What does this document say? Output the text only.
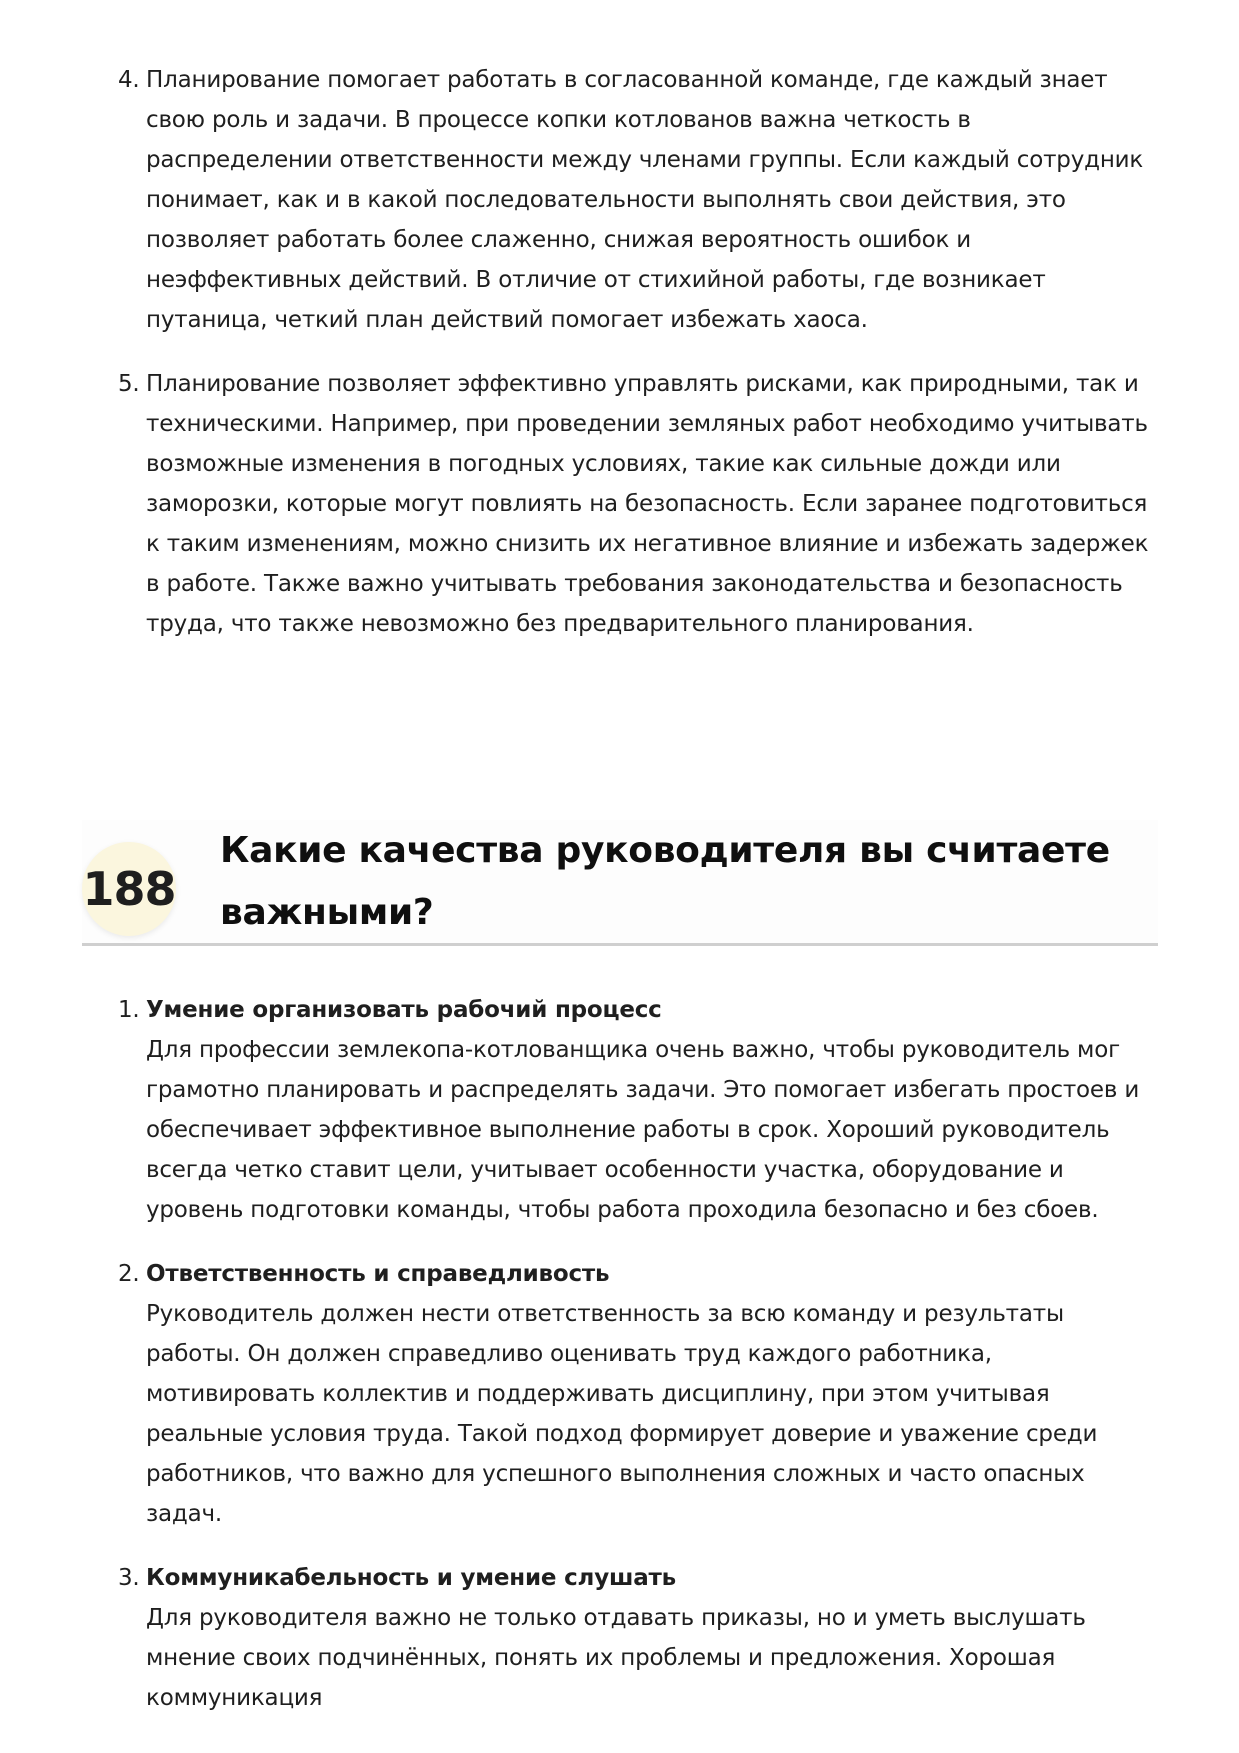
4. Планирование помогает работать в согласованной команде, где каждый знает свою роль и задачи. В процессе копки котлованов важна четкость в распределении ответственности между членами группы. Если каждый сотрудник понимает, как и в какой последовательности выполнять свои действия, это позволяет работать более слаженно, снижая вероятность ошибок и неэффективных действий. В отличие от стихийной работы, где возникает путаница, четкий план действий помогает избежать хаоса.
5. Планирование позволяет эффективно управлять рисками, как природными, так и техническими. Например, при проведении земляных работ необходимо учитывать возможные изменения в погодных условиях, такие как сильные дожди или заморозки, которые могут повлиять на безопасность. Если заранее подготовиться к таким изменениям, можно снизить их негативное влияние и избежать задержек в работе. Также важно учитывать требования законодательства и безопасность труда, что также невозможно без предварительного планирования.
188
Какие качества руководителя вы считаете важными?
1. Умение организовать рабочий процесс
Для профессии землекопа-котлованщика очень важно, чтобы руководитель мог грамотно планировать и распределять задачи. Это помогает избегать простоев и обеспечивает эффективное выполнение работы в срок. Хороший руководитель всегда четко ставит цели, учитывает особенности участка, оборудование и уровень подготовки команды, чтобы работа проходила безопасно и без сбоев.
2. Ответственность и справедливость
Руководитель должен нести ответственность за всю команду и результаты работы. Он должен справедливо оценивать труд каждого работника, мотивировать коллектив и поддерживать дисциплину, при этом учитывая реальные условия труда. Такой подход формирует доверие и уважение среди работников, что важно для успешного выполнения сложных и часто опасных задач.
3. Коммуникабельность и умение слушать
Для руководителя важно не только отдавать приказы, но и уметь выслушать мнение своих подчинённых, понять их проблемы и предложения. Хорошая коммуникация
